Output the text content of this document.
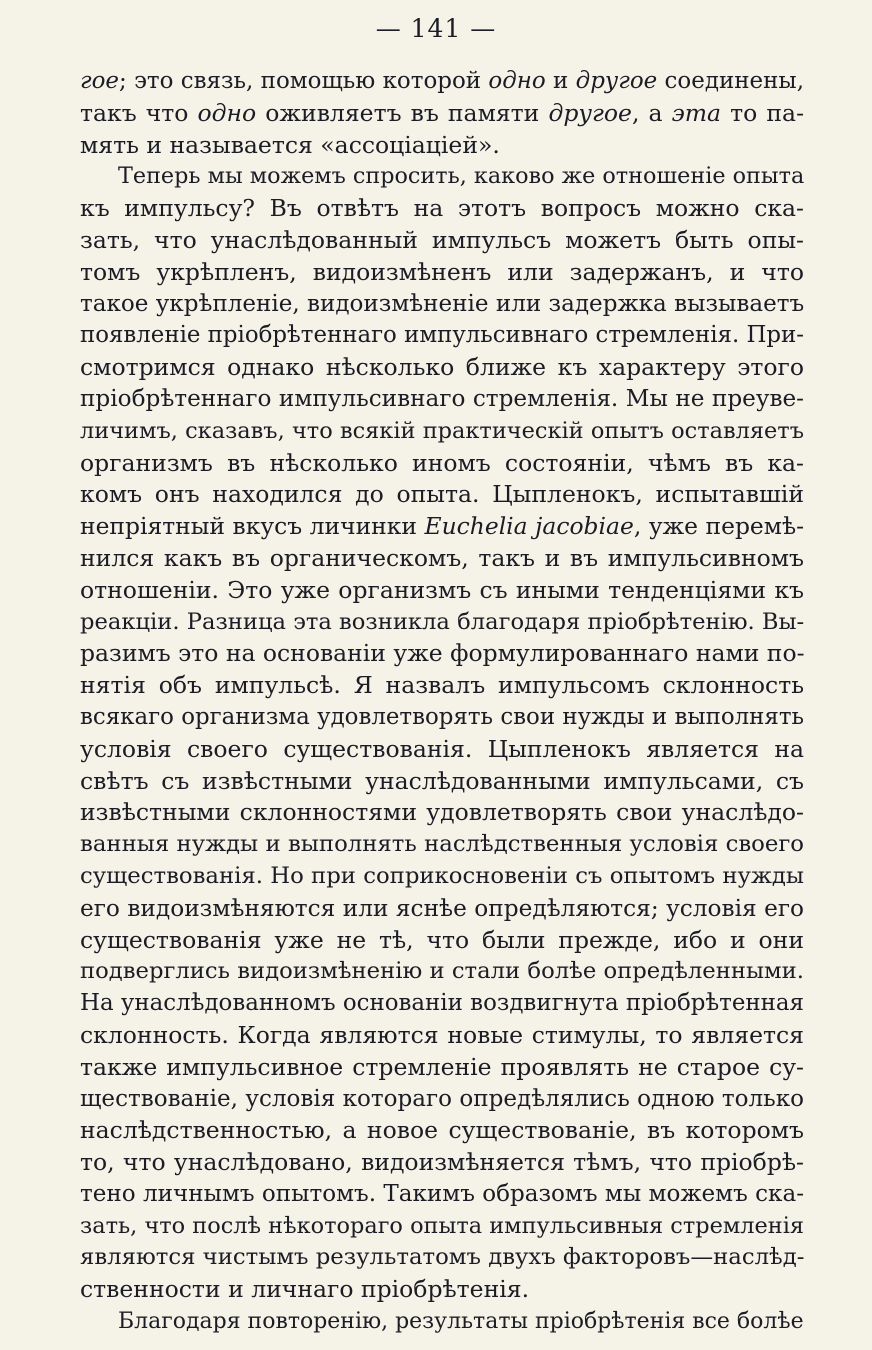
— 141 —
гое; это связь, помощью которой одно и другое соединены,
такъ что одно оживляетъ въ памяти другое, а эта то па-
мять и называется «ассоціаціей».
Теперь мы можемъ спросить, каково же отношеніе опыта
къ импульсу? Въ отвѣтъ на этотъ вопросъ можно ска-
зать, что унаслѣдованный импульсъ можетъ быть опы-
томъ укрѣпленъ, видоизмѣненъ или задержанъ, и что
такое укрѣпленіе, видоизмѣненіе или задержка вызываетъ
появленіе пріобрѣтеннаго импульсивнаго стремленія. При-
смотримся однако нѣсколько ближе къ характеру этого
пріобрѣтеннаго импульсивнаго стремленія. Мы не преуве-
личимъ, сказавъ, что всякій практическій опытъ оставляетъ
организмъ въ нѣсколько иномъ состояніи, чѣмъ въ ка-
комъ онъ находился до опыта. Цыпленокъ, испытавшій
непріятный вкусъ личинки Euchelia jacobiae, уже перемѣ-
нился какъ въ органическомъ, такъ и въ импульсивномъ
отношеніи. Это уже организмъ съ иными тенденціями къ
реакціи. Разница эта возникла благодаря пріобрѣтенію. Вы-
разимъ это на основаніи уже формулированнаго нами по-
нятія объ импульсѣ. Я назвалъ импульсомъ склонность
всякаго организма удовлетворять свои нужды и выполнять
условія своего существованія. Цыпленокъ является на
свѣтъ съ извѣстными унаслѣдованными импульсами, съ
извѣстными склонностями удовлетворять свои унаслѣдо-
ванныя нужды и выполнять наслѣдственныя условія своего
существованія. Но при соприкосновеніи съ опытомъ нужды
его видоизмѣняются или яснѣе опредѣляются; условія его
существованія уже не тѣ, что были прежде, ибо и они
подверглись видоизмѣненію и стали болѣе опредѣленными.
На унаслѣдованномъ основаніи воздвигнута пріобрѣтенная
склонность. Когда являются новые стимулы, то является
также импульсивное стремленіе проявлять не старое су-
ществованіе, условія котораго опредѣлялись одною только
наслѣдственностью, а новое существованіе, въ которомъ
то, что унаслѣдовано, видоизмѣняется тѣмъ, что пріобрѣ-
тено личнымъ опытомъ. Такимъ образомъ мы можемъ ска-
зать, что послѣ нѣкотораго опыта импульсивныя стремленія
являются чистымъ результатомъ двухъ факторовъ—наслѣд-
ственности и личнаго пріобрѣтенія.
Благодаря повторенію, результаты пріобрѣтенія все болѣе
